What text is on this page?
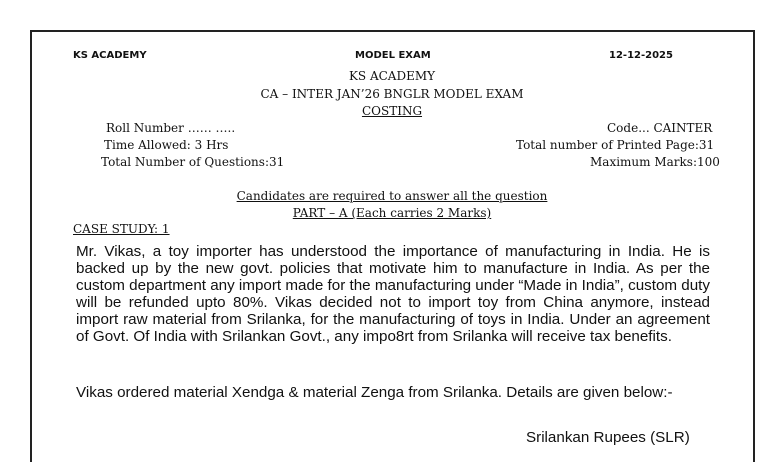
KS ACADEMY	MODEL EXAM	12-12-2025
KS ACADEMY
CA – INTER JAN’26 BNGLR MODEL EXAM
COSTING
Roll Number …… …..	Code... CAINTER
Time Allowed: 3 Hrs	Total number of Printed Page:31
Total Number of Questions:31	Maximum Marks:100
Candidates are required to answer all the question
PART – A (Each carries 2 Marks)
CASE STUDY: 1
Mr. Vikas, a toy importer has understood the importance of manufacturing in India. He is backed up by the new govt. policies that motivate him to manufacture in India. As per the custom department any import made for the manufacturing under “Made in India”, custom duty will be refunded upto 80%. Vikas decided not to import toy from China anymore, instead import raw material from Srilanka, for the manufacturing of toys in India. Under an agreement of Govt. Of India with Srilankan Govt., any impo8rt from Srilanka will receive tax benefits.
Vikas ordered material Xendga & material Zenga from Srilanka. Details are given below:-
Srilankan Rupees (SLR)
